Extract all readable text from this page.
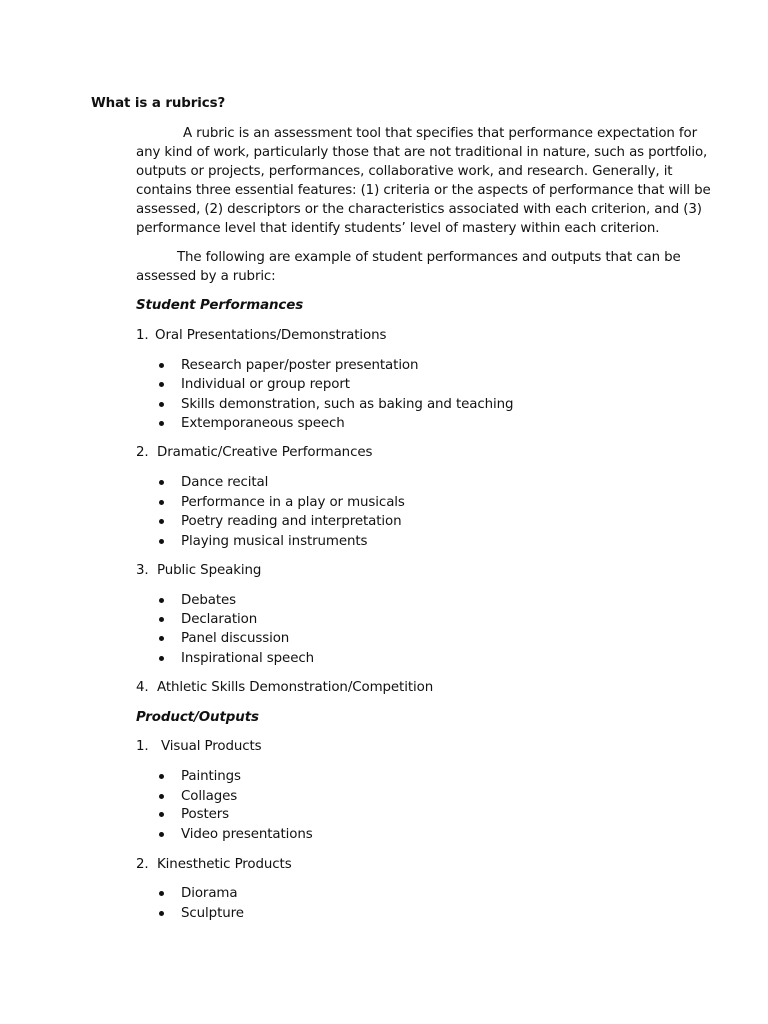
What is a rubrics?
A rubric is an assessment tool that specifies that performance expectation for
any kind of work, particularly those that are not traditional in nature, such as portfolio,
outputs or projects, performances, collaborative work, and research. Generally, it
contains three essential features: (1) criteria or the aspects of performance that will be
assessed, (2) descriptors or the characteristics associated with each criterion, and (3)
performance level that identify students’ level of mastery within each criterion.
The following are example of student performances and outputs that can be
assessed by a rubric:
Student Performances
1. Oral Presentations/Demonstrations
Research paper/poster presentation
Individual or group report
Skills demonstration, such as baking and teaching
Extemporaneous speech
2. Dramatic/Creative Performances
Dance recital
Performance in a play or musicals
Poetry reading and interpretation
Playing musical instruments
3. Public Speaking
Debates
Declaration
Panel discussion
Inspirational speech
4. Athletic Skills Demonstration/Competition
Product/Outputs
1. Visual Products
Paintings
Collages
Posters
Video presentations
2. Kinesthetic Products
Diorama
Sculpture
